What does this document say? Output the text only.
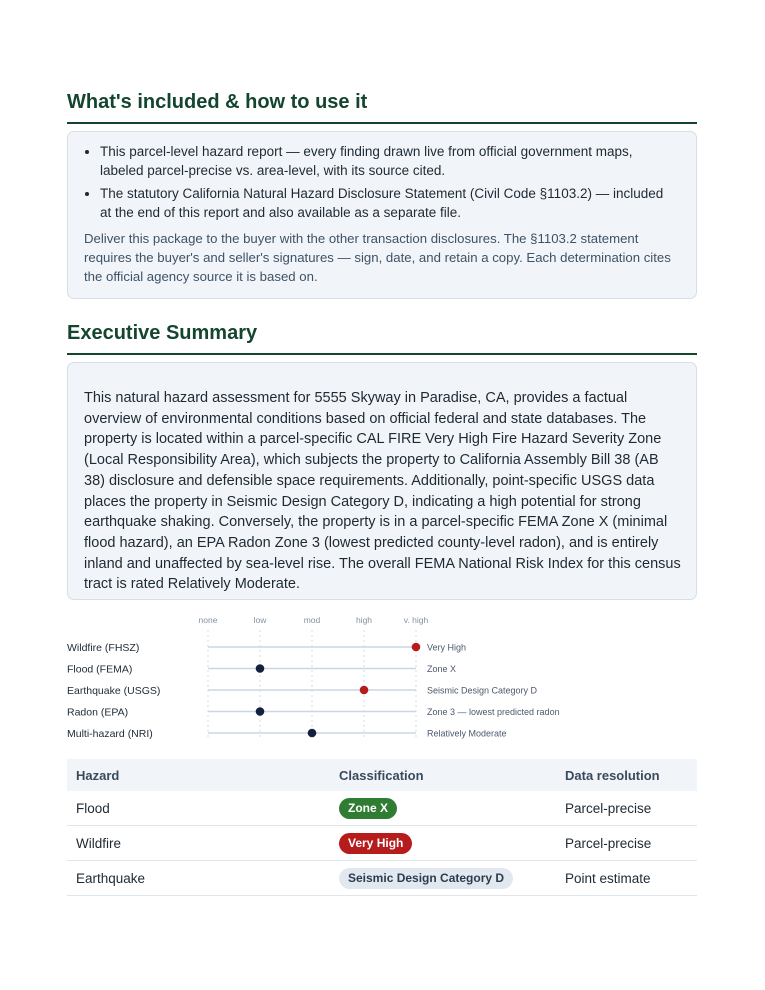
What's included & how to use it
• This parcel-level hazard report — every finding drawn live from official government maps, labeled parcel-precise vs. area-level, with its source cited.
• The statutory California Natural Hazard Disclosure Statement (Civil Code §1103.2) — included at the end of this report and also available as a separate file.

Deliver this package to the buyer with the other transaction disclosures. The §1103.2 statement requires the buyer's and seller's signatures — sign, date, and retain a copy. Each determination cites the official agency source it is based on.

Executive Summary

This natural hazard assessment for 5555 Skyway in Paradise, CA, provides a factual overview of environmental conditions based on official federal and state databases. The property is located within a parcel-specific CAL FIRE Very High Fire Hazard Severity Zone (Local Responsibility Area), which subjects the property to California Assembly Bill 38 (AB 38) disclosure and defensible space requirements. Additionally, point-specific USGS data places the property in Seismic Design Category D, indicating a high potential for strong earthquake shaking. Conversely, the property is in a parcel-specific FEMA Zone X (minimal flood hazard), an EPA Radon Zone 3 (lowest predicted county-level radon), and is entirely inland and unaffected by sea-level rise. The overall FEMA National Risk Index for this census tract is rated Relatively Moderate.

none	low	mod	high	v. high
Wildfire (FHSZ)	Very High
Flood (FEMA)	Zone X
Earthquake (USGS)	Seismic Design Category D
Radon (EPA)	Zone 3 — lowest predicted radon
Multi-hazard (NRI)	Relatively Moderate
Hazard	Classification	Data resolution
Flood	Zone X	Parcel-precise
Wildfire	Very High	Parcel-precise
Earthquake	Seismic Design Category D	Point estimate
